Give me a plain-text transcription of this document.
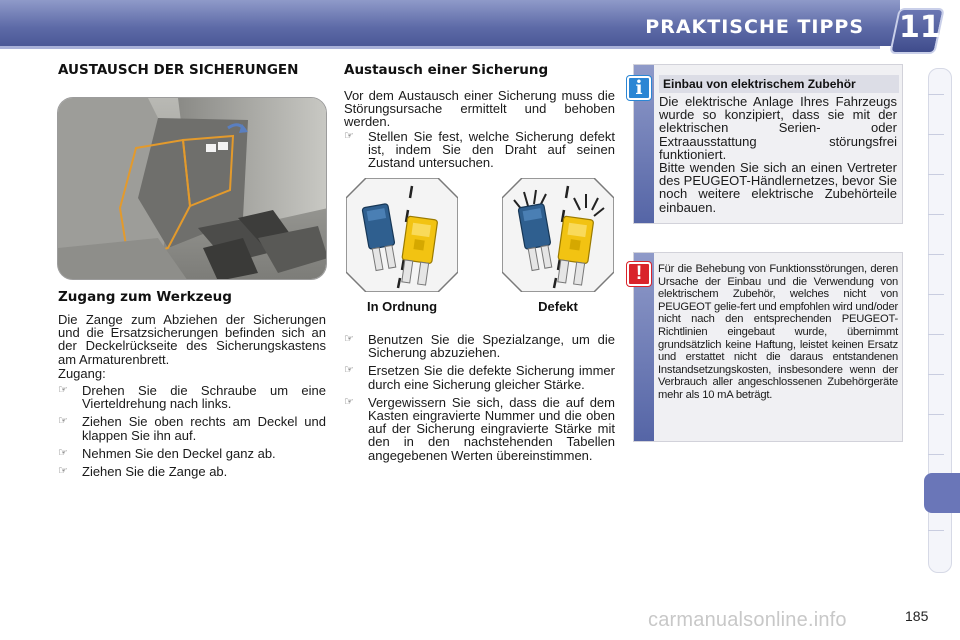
PRAKTISCHE TIPPS 11
AUSTAUSCH DER SICHERUNGEN
Zugang zum Werkzeug
Die Zange zum Abziehen der Sicherungen und die Ersatzsicherungen befinden sich an der Deckelrückseite des Sicherungskastens am Armaturenbrett.
Zugang:
☞ Drehen Sie die Schraube um eine Vierteldrehung nach links.
☞ Ziehen Sie oben rechts am Deckel und klappen Sie ihn auf.
☞ Nehmen Sie den Deckel ganz ab.
☞ Ziehen Sie die Zange ab.
Austausch einer Sicherung
Vor dem Austausch einer Sicherung muss die Störungsursache ermittelt und behoben werden.
☞ Stellen Sie fest, welche Sicherung defekt ist, indem Sie den Draht auf seinen Zustand untersuchen.
In Ordnung	Defekt
☞ Benutzen Sie die Spezialzange, um die Sicherung abzuziehen.
☞ Ersetzen Sie die defekte Sicherung immer durch eine Sicherung gleicher Stärke.
☞ Vergewissern Sie sich, dass die auf dem Kasten eingravierte Nummer und die oben auf der Sicherung eingravierte Stärke mit den in den nachstehenden Tabellen angegebenen Werten übereinstimmen.
i	Einbau von elektrischem Zubehör
Die elektrische Anlage Ihres Fahrzeugs wurde so konzipiert, dass sie mit der elektrischen Serien- oder Extraausstattung störungsfrei funktioniert.
Bitte wenden Sie sich an einen Vertreter des PEUGEOT-Händlernetzes, bevor Sie noch weitere elektrische Zubehörteile einbauen.
!	Für die Behebung von Funktionsstörungen, deren Ursache der Einbau und die Verwendung von elektrischem Zubehör, welches nicht von PEUGEOT gelie-fert und empfohlen wird und/oder nicht nach den entsprechenden PEUGEOT-Richtlinien eingebaut wurde, übernimmt grundsätzlich keine Haftung, leistet keinen Ersatz und erstattet nicht die daraus entstandenen Instandsetzungskosten, insbesondere wenn der Verbrauch aller angeschlossenen Zubehörgeräte mehr als 10 mA beträgt.
carmanualsonline.info	185
